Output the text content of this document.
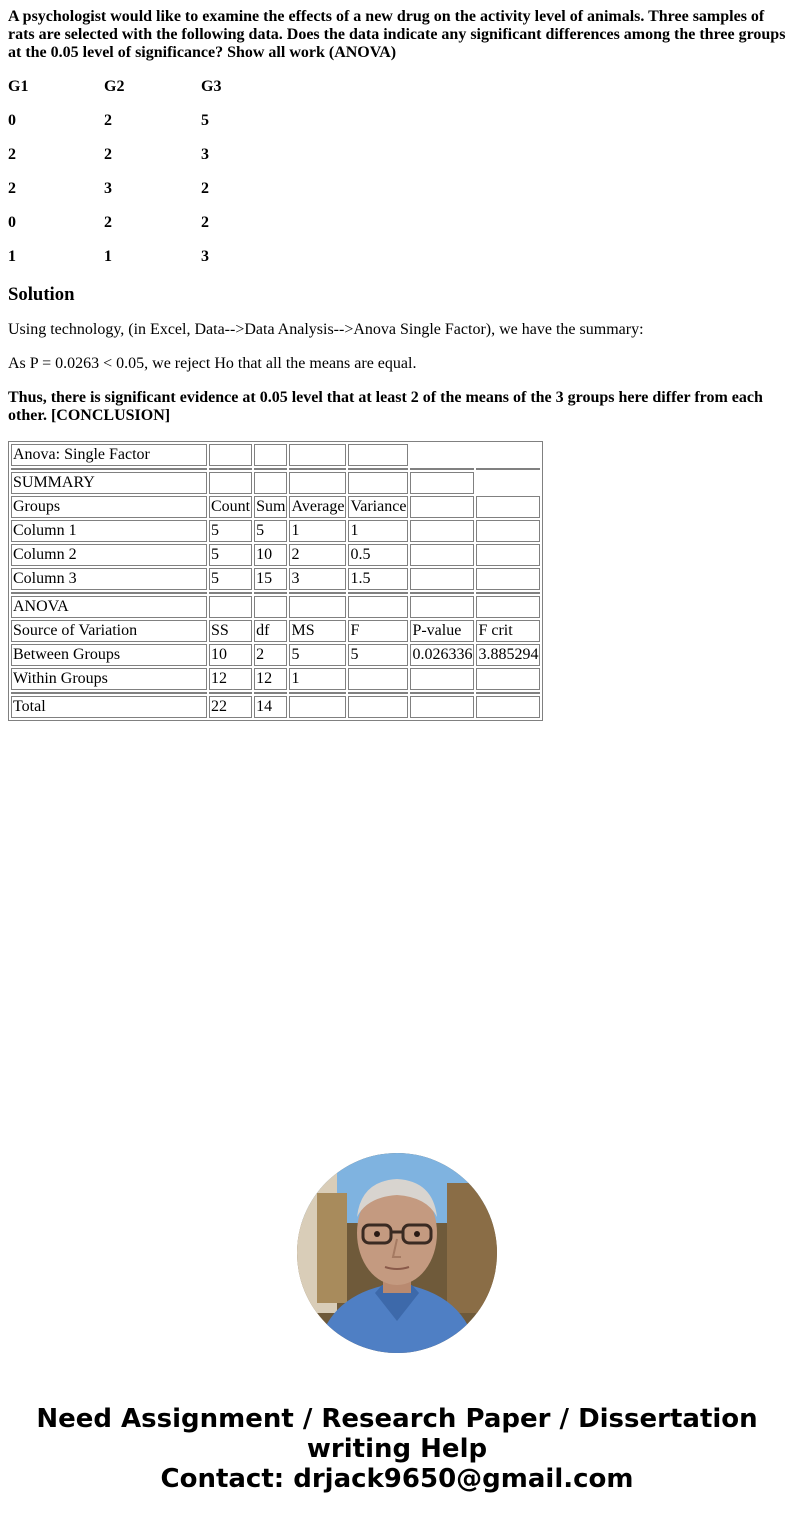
A psychologist would like to examine the effects of a new drug on the activity level of animals. Three samples of rats are selected with the following data. Does the data indicate any significant differences among the three groups at the 0.05 level of significance? Show all work (ANOVA)

G1	G2	G3
0	2	5
2	2	3
2	3	2
0	2	2
1	1	3
Solution

Using technology, (in Excel, Data-->Data Analysis-->Anova Single Factor), we have the summary:

As P = 0.0263 < 0.05, we reject Ho that all the means are equal.

Thus, there is significant evidence at 0.05 level that at least 2 of the means of the 3 groups here differ from each other. [CONCLUSION]

Anova: Single Factor						

SUMMARY						
Groups	Count	Sum	Average	Variance		
Column 1	5	5	1	1		
Column 2	5	10	2	0.5		
Column 3	5	15	3	1.5		

ANOVA						
Source of Variation	SS	df	MS	F	P-value	F crit
Between Groups	10	2	5	5	0.026336	3.885294
Within Groups	12	12	1			

Total	22	14				
Need Assignment / Research Paper / Dissertation
writing Help
Contact: drjack9650@gmail.com
